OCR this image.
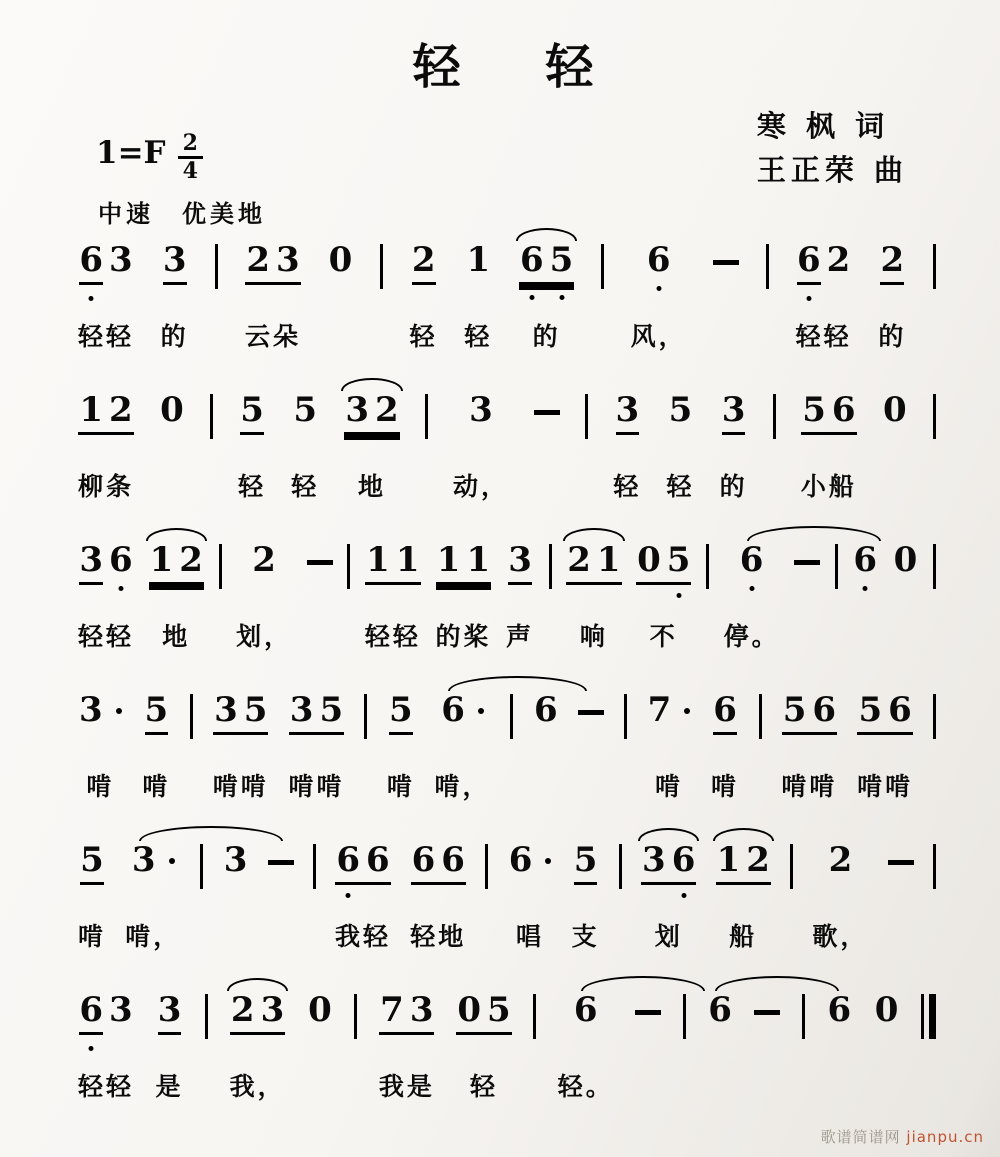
轻 轻
寒 枫 词
王正荣 曲
$1=F \frac{2}{4}$
中速　优美地
6 3
轻轻
3
的
2 3
云朵
0 2
轻
1
轻
6 5
的
6
风，
6 2
轻轻
2
的
1 2
柳条
0 5
轻
5
轻
3 2
地
3
动，
3
轻
5
轻
3
的
5 6
小船
0
3 6
轻轻
1 2
地
2
划，
1 1
轻轻
1 1
的桨
3
声
2 1
响
0 5
不
6
停。
6 0
3
啃
5
啃
3 5
啃啃
3 5
啃啃
5
啃
6
啃，
6	7
啃
6
啃
5 6
啃啃
5 6
啃啃
5
啃
3
啃，
3	6 6
我轻
6 6
轻地
6
唱
5
支
3 6
划
1 2
船
2
歌，
6 3
轻轻
3
是
2 3
我，
0 7 3
我是
0 5
轻
6
轻。
6	6 0
歌谱简谱网 jianpu.cn
